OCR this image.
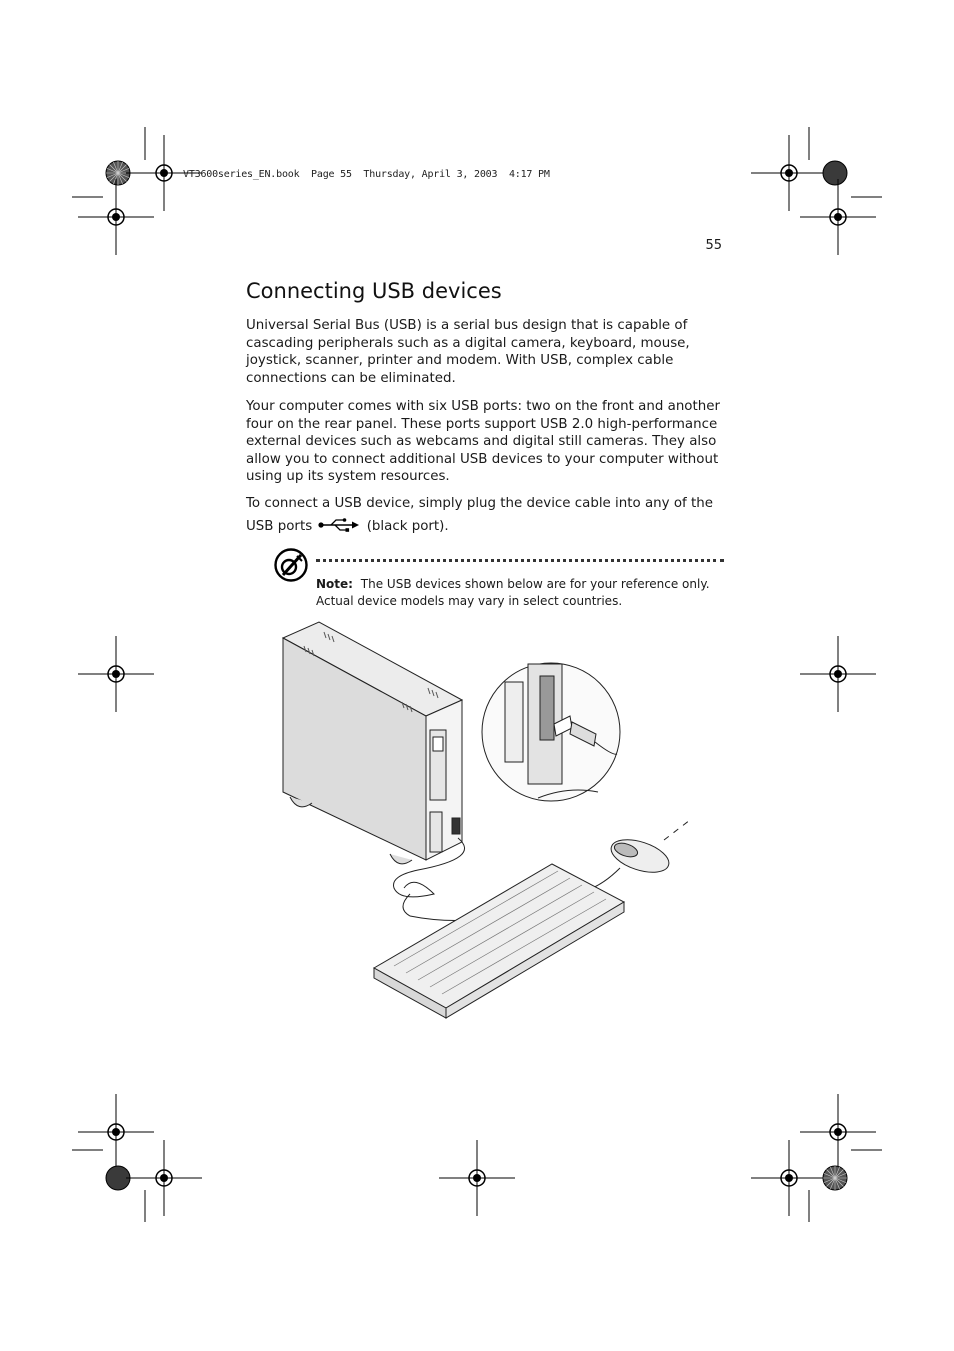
VT3600series_EN.book  Page 55  Thursday, April 3, 2003  4:17 PM
55
Connecting USB devices

Universal Serial Bus (USB) is a serial bus design that is capable of cascading peripherals such as a digital camera, keyboard, mouse, joystick, scanner, printer and modem. With USB, complex cable connections can be eliminated.

Your computer comes with six USB ports: two on the front and another four on the rear panel. These ports support USB 2.0 high-performance external devices such as webcams and digital still cameras. They also allow you to connect additional USB devices to your computer without using up its system resources.

To connect a USB device, simply plug the device cable into any of the

USB ports	(black port).

Note: The USB devices shown below are for your reference only. Actual device models may vary in select countries.
